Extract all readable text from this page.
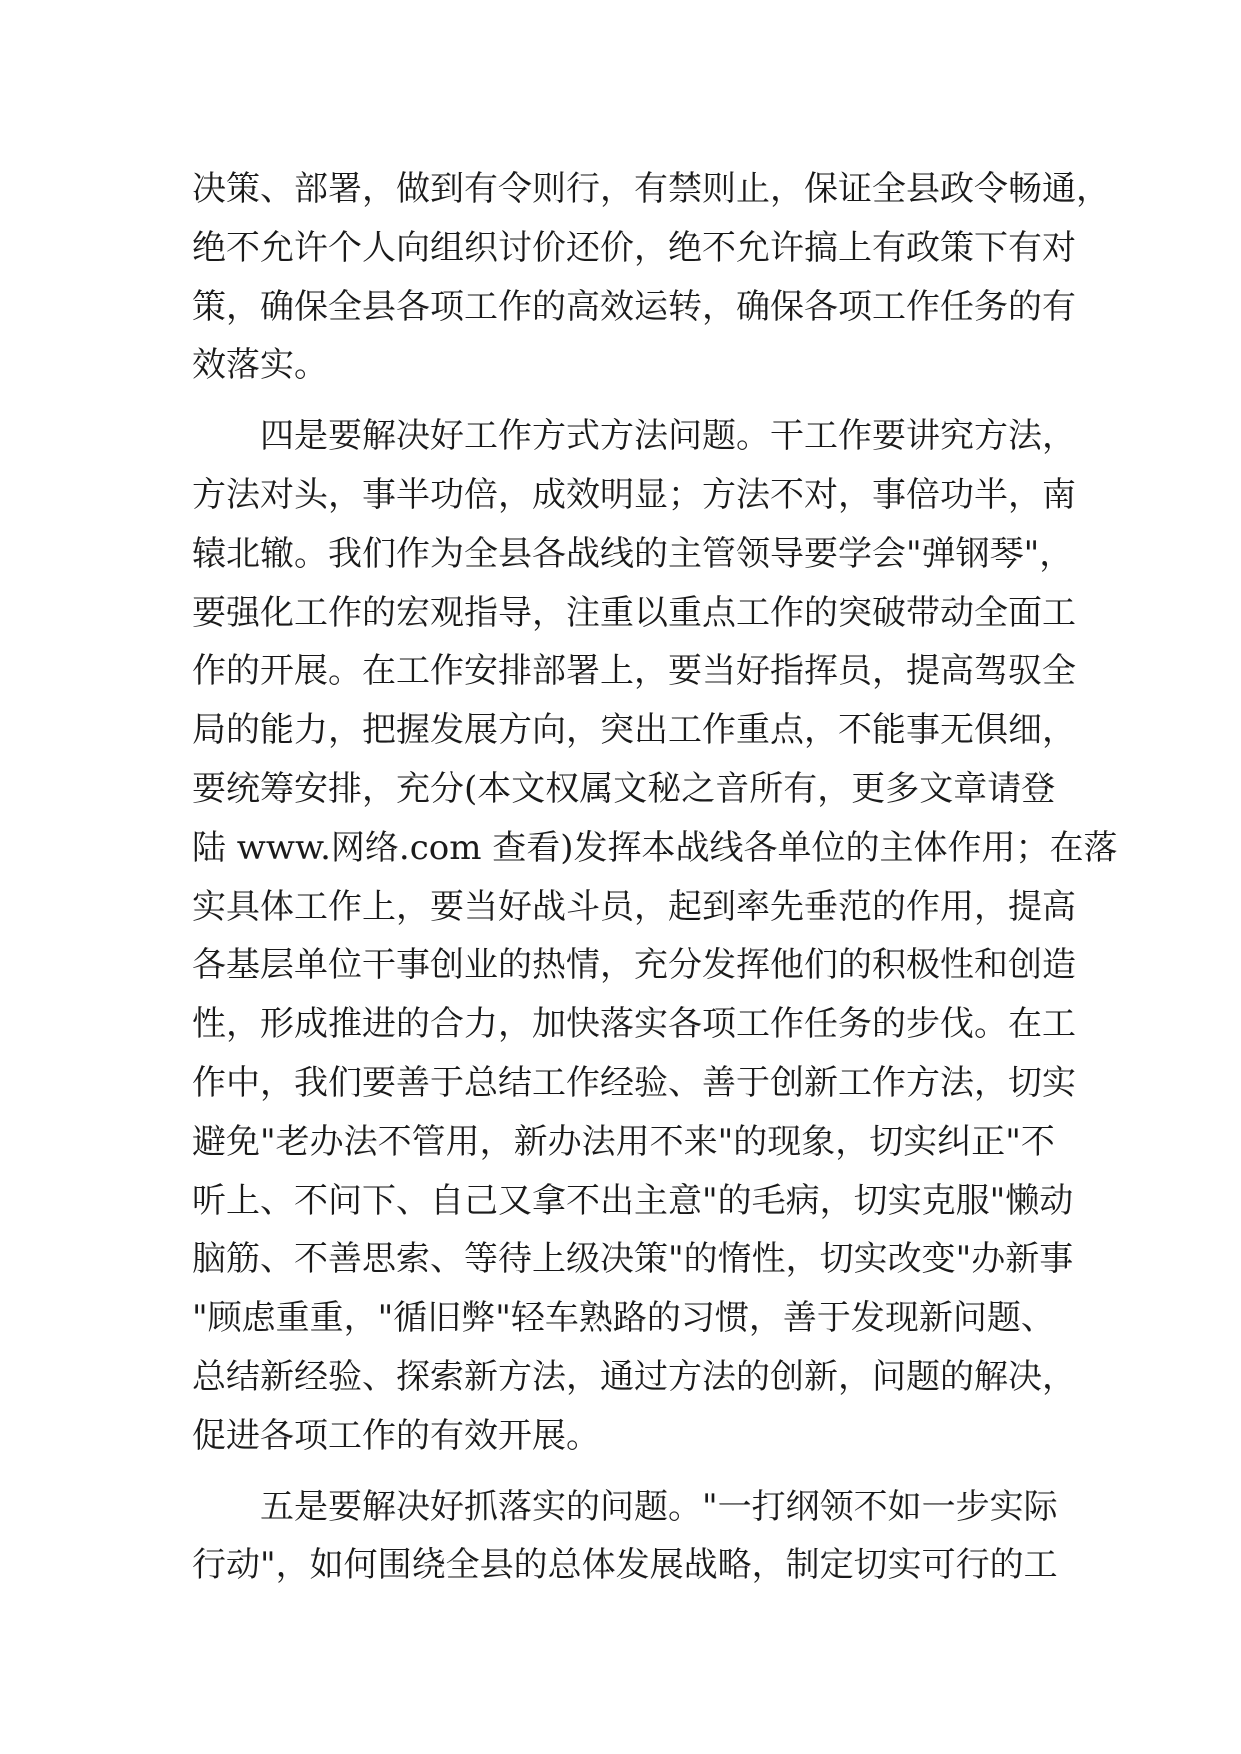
决策、部署，做到有令则行，有禁则止，保证全县政令畅通，
绝不允许个人向组织讨价还价，绝不允许搞上有政策下有对
策，确保全县各项工作的高效运转，确保各项工作任务的有
效落实。
四是要解决好工作方式方法问题。干工作要讲究方法，
方法对头，事半功倍，成效明显；方法不对，事倍功半，南
辕北辙。我们作为全县各战线的主管领导要学会"弹钢琴"，
要强化工作的宏观指导，注重以重点工作的突破带动全面工
作的开展。在工作安排部署上，要当好指挥员，提高驾驭全
局的能力，把握发展方向，突出工作重点，不能事无俱细，
要统筹安排，充分(本文权属文秘之音所有，更多文章请登
陆 www.网络.com 查看)发挥本战线各单位的主体作用；在落
实具体工作上，要当好战斗员，起到率先垂范的作用，提高
各基层单位干事创业的热情，充分发挥他们的积极性和创造
性，形成推进的合力，加快落实各项工作任务的步伐。在工
作中，我们要善于总结工作经验、善于创新工作方法，切实
避免"老办法不管用，新办法用不来"的现象，切实纠正"不
听上、不问下、自己又拿不出主意"的毛病，切实克服"懒动
脑筋、不善思索、等待上级决策"的惰性，切实改变"办新事
"顾虑重重，"循旧弊"轻车熟路的习惯，善于发现新问题、
总结新经验、探索新方法，通过方法的创新，问题的解决，
促进各项工作的有效开展。
五是要解决好抓落实的问题。"一打纲领不如一步实际
行动"，如何围绕全县的总体发展战略，制定切实可行的工
